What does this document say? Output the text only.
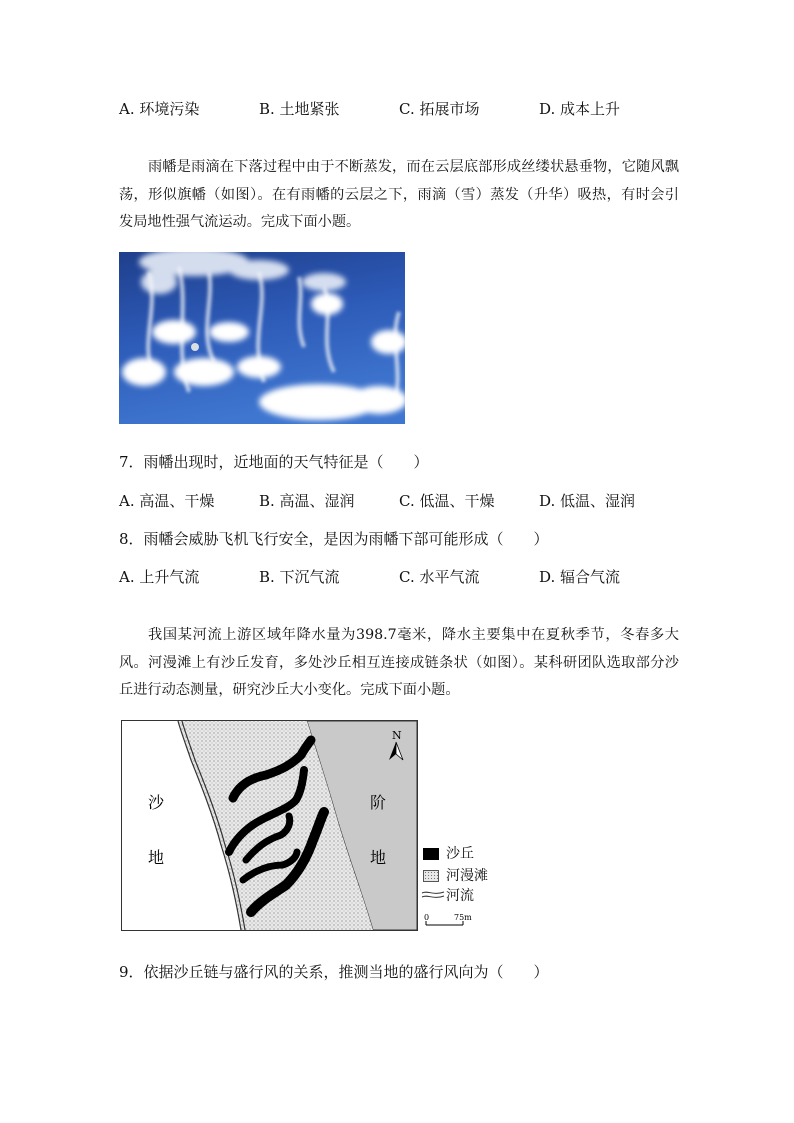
A. 环境污染	B. 土地紧张	C. 拓展市场	D. 成本上升
雨幡是雨滴在下落过程中由于不断蒸发，而在云层底部形成丝缕状悬垂物，它随风飘荡，形似旗幡（如图）。在有雨幡的云层之下，雨滴（雪）蒸发（升华）吸热，有时会引发局地性强气流运动。完成下面小题。
7．雨幡出现时，近地面的天气特征是（　　）
A. 高温、干燥	B. 高温、湿润	C. 低温、干燥	D. 低温、湿润
8．雨幡会威胁飞机飞行安全，是因为雨幡下部可能形成（　　）
A. 上升气流	B. 下沉气流	C. 水平气流	D. 辐合气流
我国某河流上游区域年降水量为398.7毫米，降水主要集中在夏秋季节，冬春多大风。河漫滩上有沙丘发育，多处沙丘相互连接成链条状（如图）。某科研团队选取部分沙丘进行动态测量，研究沙丘大小变化。完成下面小题。
N
沙
地
阶
地	沙丘
河漫滩
河流
0	75m
9．依据沙丘链与盛行风的关系，推测当地的盛行风向为（　　）
